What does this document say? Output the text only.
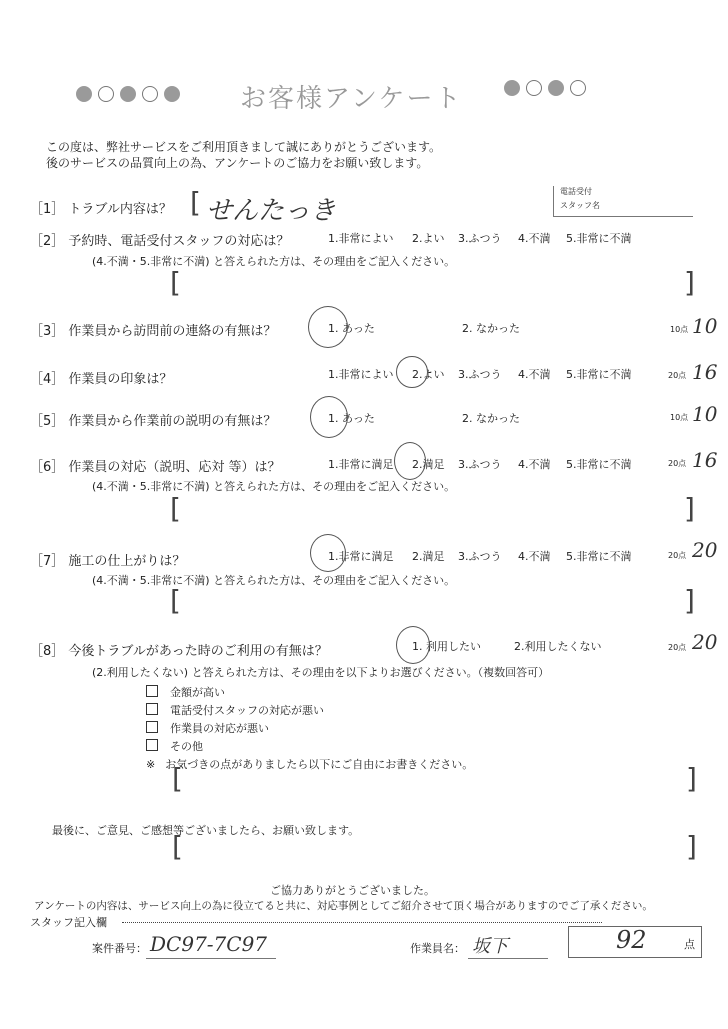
お客様アンケート
この度は、弊社サービスをご利用頂きまして誠にありがとうございます。
後のサービスの品質向上の為、アンケートのご協力をお願い致します。
［1］ トラブル内容は？ [ せんたっき
電話受付
スタッフ名
［2］ 予約時、電話受付スタッフの対応は？	1.非常によい 2.よい 3.ふつう 4.不満 5.非常に不満
(4.不満・5.非常に不満) と答えられた方は、その理由をご記入ください。
[	]
［3］ 作業員から訪問前の連絡の有無は？	1. あった	2. なかった	10点 10
［4］ 作業員の印象は？	1.非常によい 2.よい 3.ふつう 4.不満 5.非常に不満	20点 16
［5］ 作業員から作業前の説明の有無は？	1. あった	2. なかった	10点 10
［6］ 作業員の対応（説明、応対 等）は？	1.非常に満足 2.満足 3.ふつう 4.不満 5.非常に不満	20点 16
(4.不満・5.非常に不満) と答えられた方は、その理由をご記入ください。
[	]
［7］ 施工の仕上がりは？	1.非常に満足 2.満足 3.ふつう 4.不満 5.非常に不満	20点 20
(4.不満・5.非常に不満) と答えられた方は、その理由をご記入ください。
[	]
［8］ 今後トラブルがあった時のご利用の有無は？	1. 利用したい	2.利用したくない	20点 20
(2.利用したくない) と答えられた方は、その理由を以下よりお選びください。（複数回答可）
金額が高い
電話受付スタッフの対応が悪い
作業員の対応が悪い
その他
※ お気づきの点がありましたら以下にご自由にお書きください。
[	]
最後に、ご意見、ご感想等ございましたら、お願い致します。
[	]
ご協力ありがとうございました。
アンケートの内容は、サービス向上の為に役立てると共に、対応事例としてご紹介させて頂く場合がありますのでご了承ください。
スタッフ記入欄
案件番号： DC97-7C97	作業員名： 坂下	92	点
